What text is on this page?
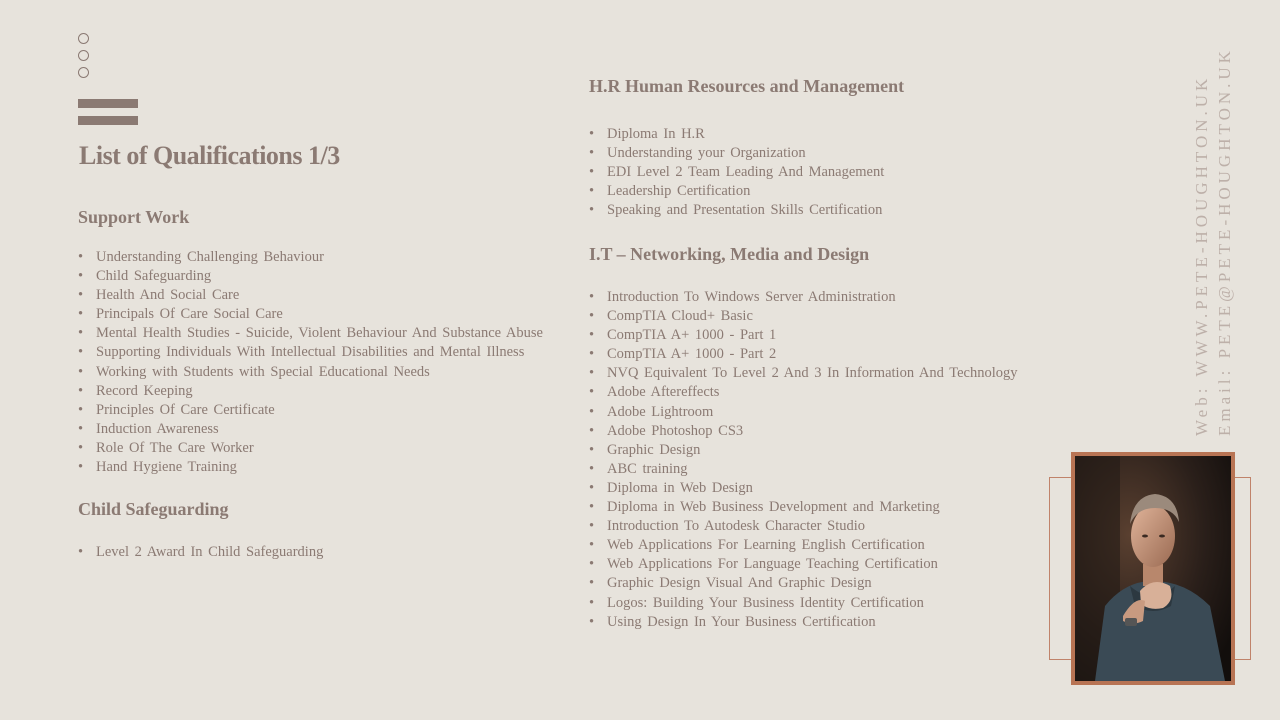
List of Qualifications 1/3
Support Work
• Understanding Challenging Behaviour
• Child Safeguarding
• Health And Social Care
• Principals Of Care Social Care
• Mental Health Studies - Suicide, Violent Behaviour And Substance Abuse
• Supporting Individuals With Intellectual Disabilities and Mental Illness
• Working with Students with Special Educational Needs
• Record Keeping
• Principles Of Care Certificate
• Induction Awareness
• Role Of The Care Worker
• Hand Hygiene Training
Child Safeguarding
• Level 2 Award In Child Safeguarding
H.R Human Resources and Management
• Diploma In H.R
• Understanding your Organization
• EDI Level 2 Team Leading And Management
• Leadership Certification
• Speaking and Presentation Skills Certification
I.T – Networking, Media and Design
• Introduction To Windows Server Administration
• CompTIA Cloud+ Basic
• CompTIA A+ 1000 - Part 1
• CompTIA A+ 1000 - Part 2
• NVQ Equivalent To Level 2 And 3 In Information And Technology
• Adobe Aftereffects
• Adobe Lightroom
• Adobe Photoshop CS3
• Graphic Design
• ABC training
• Diploma in Web Design
• Diploma in Web Business Development and Marketing
• Introduction To Autodesk Character Studio
• Web Applications For Learning English Certification
• Web Applications For Language Teaching Certification
• Graphic Design Visual And Graphic Design
• Logos: Building Your Business Identity Certification
• Using Design In Your Business Certification
Web: WWW.PETE-HOUGHTON.UK Email: PETE@PETE-HOUGHTON.UK
